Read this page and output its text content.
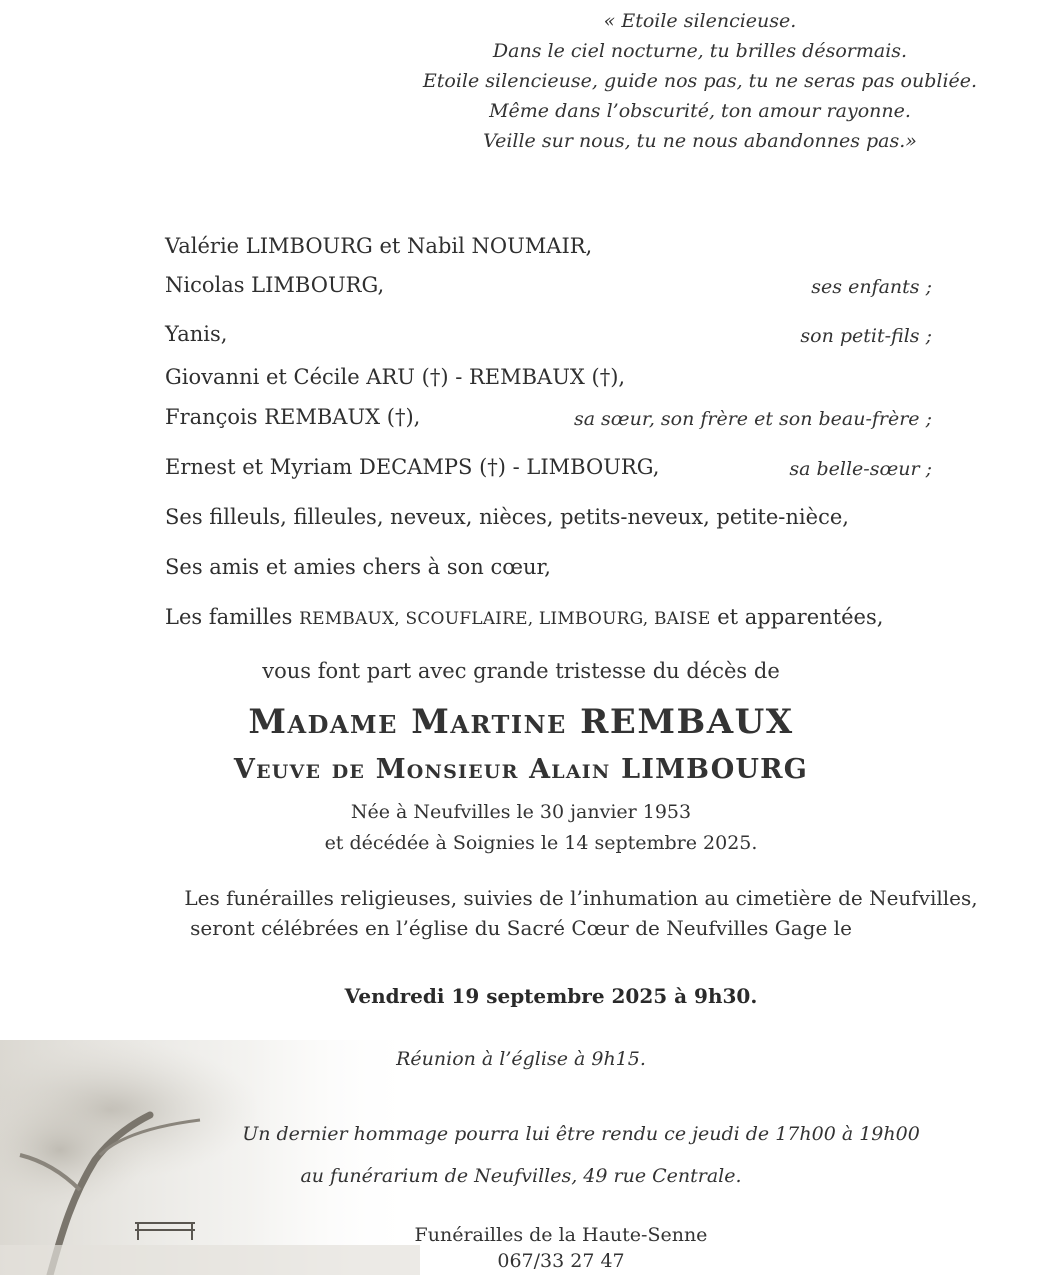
« Etoile silencieuse.
Dans le ciel nocturne, tu brilles désormais.
Etoile silencieuse, guide nos pas, tu ne seras pas oubliée.
Même dans l’obscurité, ton amour rayonne.
Veille sur nous, tu ne nous abandonnes pas.»
Valérie LIMBOURG et Nabil NOUMAIR,
Nicolas LIMBOURG,	ses enfants ;
Yanis,	son petit-fils ;
Giovanni et Cécile ARU (†) - REMBAUX (†),
François REMBAUX (†),	sa sœur, son frère et son beau-frère ;
Ernest et Myriam DECAMPS (†) - LIMBOURG,	sa belle-sœur ;
Ses filleuls, filleules, neveux, nièces, petits-neveux, petite-nièce,
Ses amis et amies chers à son cœur,
Les familles REMBAUX, SCOUFLAIRE, LIMBOURG, BAISE et apparentées,
vous font part avec grande tristesse du décès de
Madame Martine REMBAUX
Veuve de Monsieur Alain LIMBOURG
Née à Neufvilles le 30 janvier 1953
et décédée à Soignies le 14 septembre 2025.
Les funérailles religieuses, suivies de l’inhumation au cimetière de Neufvilles,
seront célébrées en l’église du Sacré Cœur de Neufvilles Gage le
Vendredi 19 septembre 2025 à 9h30.
Réunion à l’église à 9h15.
Un dernier hommage pourra lui être rendu ce jeudi de 17h00 à 19h00
au funérarium de Neufvilles, 49 rue Centrale.
Funérailles de la Haute-Senne
067/33 27 47
